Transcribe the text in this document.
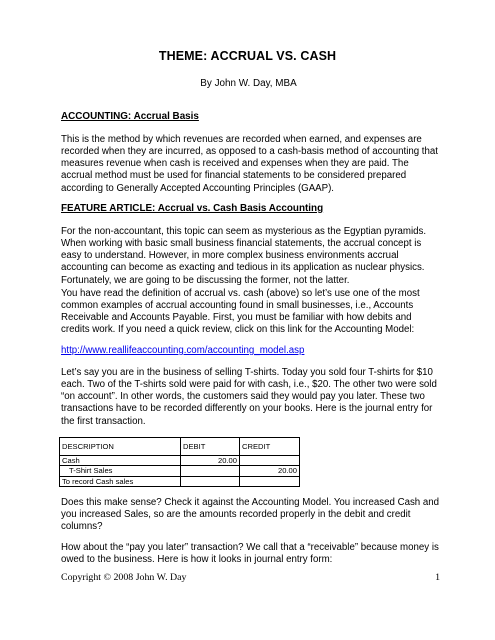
THEME: ACCRUAL VS. CASH
By John W. Day, MBA
ACCOUNTING: Accrual Basis

This is the method by which revenues are recorded when earned, and expenses are recorded when they are incurred, as opposed to a cash-basis method of accounting that measures revenue when cash is received and expenses when they are paid. The accrual method must be used for financial statements to be considered prepared according to Generally Accepted Accounting Principles (GAAP).

FEATURE ARTICLE: Accrual vs. Cash Basis Accounting

For the non-accountant, this topic can seem as mysterious as the Egyptian pyramids. When working with basic small business financial statements, the accrual concept is easy to understand. However, in more complex business environments accrual accounting can become as exacting and tedious in its application as nuclear physics. Fortunately, we are going to be discussing the former, not the latter.

You have read the definition of accrual vs. cash (above) so let’s use one of the most common examples of accrual accounting found in small businesses, i.e., Accounts Receivable and Accounts Payable. First, you must be familiar with how debits and credits work. If you need a quick review, click on this link for the Accounting Model:

http://www.reallifeaccounting.com/accounting_model.asp

Let’s say you are in the business of selling T-shirts. Today you sold four T-shirts for $10 each. Two of the T-shirts sold were paid for with cash, i.e., $20. The other two were sold “on account”. In other words, the customers said they would pay you later. These two transactions have to be recorded differently on your books. Here is the journal entry for the first transaction.

DESCRIPTION	DEBIT	CREDIT
Cash	20.00	
T-Shirt Sales		20.00
To record Cash sales		

Does this make sense? Check it against the Accounting Model. You increased Cash and you increased Sales, so are the amounts recorded properly in the debit and credit columns?

How about the “pay you later” transaction? We call that a “receivable” because money is owed to the business. Here is how it looks in journal entry form:

Copyright © 2008 John W. Day	1
